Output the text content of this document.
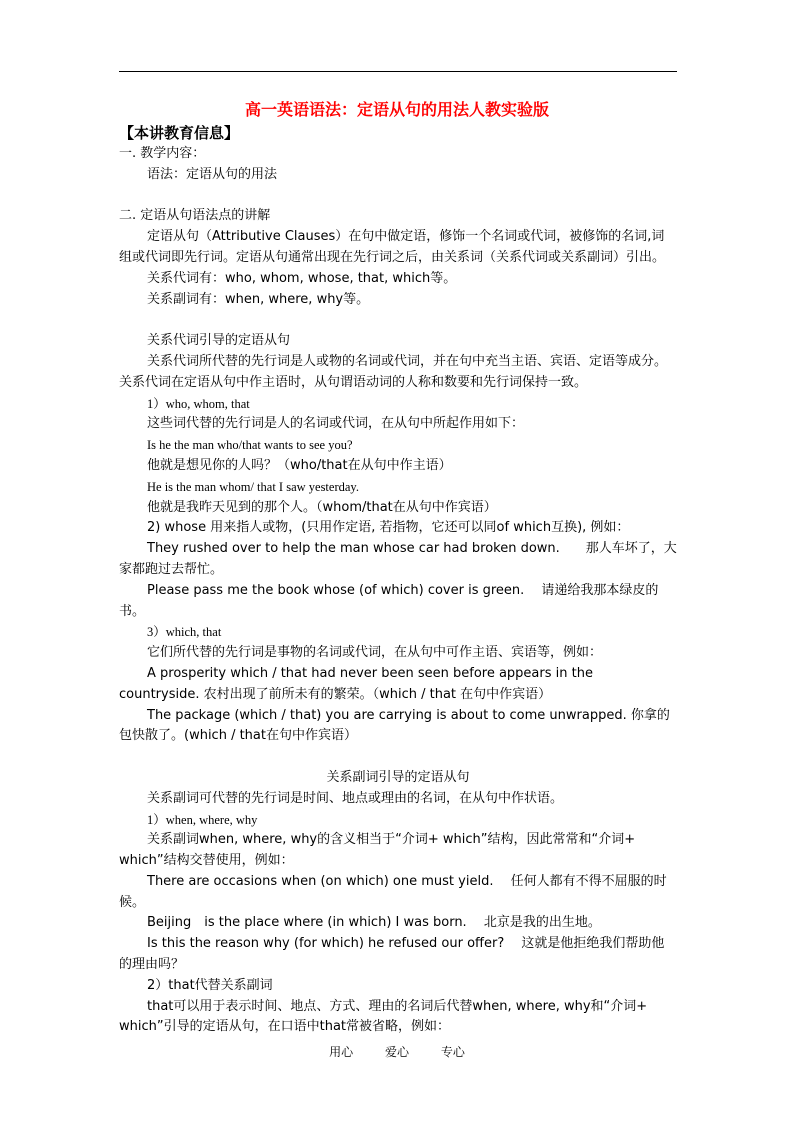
高一英语语法：定语从句的用法人教实验版
【本讲教育信息】

一. 教学内容：

语法：定语从句的用法

二. 定语从句语法点的讲解

定语从句（Attributive Clauses）在句中做定语，修饰一个名词或代词，被修饰的名词,词组或代词即先行词。定语从句通常出现在先行词之后，由关系词（关系代词或关系副词）引出。

关系代词有：who, whom, whose, that, which等。

关系副词有：when, where, why等。

关系代词引导的定语从句

关系代词所代替的先行词是人或物的名词或代词，并在句中充当主语、宾语、定语等成分。关系代词在定语从句中作主语时，从句谓语动词的人称和数要和先行词保持一致。

1）who, whom, that

这些词代替的先行词是人的名词或代词，在从句中所起作用如下：

Is he the man who/that wants to see you?

他就是想见你的人吗？（who/that在从句中作主语）

He is the man whom/ that I saw yesterday.

他就是我昨天见到的那个人。（whom/that在从句中作宾语）

2) whose 用来指人或物，(只用作定语, 若指物，它还可以同of which互换), 例如：

They rushed over to help the man whose car had broken down.　　那人车坏了，大家都跑过去帮忙。

Please pass me the book whose (of which) cover is green.　 请递给我那本绿皮的书。

3）which, that

它们所代替的先行词是事物的名词或代词，在从句中可作主语、宾语等，例如：

A prosperity which / that had never been seen before appears in the countryside. 农村出现了前所未有的繁荣。（which / that 在句中作宾语）

The package (which / that) you are carrying is about to come unwrapped. 你拿的包快散了。(which / that在句中作宾语）

关系副词引导的定语从句

关系副词可代替的先行词是时间、地点或理由的名词，在从句中作状语。

1）when, where, why

关系副词when, where, why的含义相当于“介词+ which”结构，因此常常和“介词+ which”结构交替使用，例如：

There are occasions when (on which) one must yield.　 任何人都有不得不屈服的时候。

Beijing　is the place where (in which) I was born.　 北京是我的出生地。

Is this the reason why (for which) he refused our offer?　 这就是他拒绝我们帮助他的理由吗？

2）that代替关系副词

that可以用于表示时间、地点、方式、理由的名词后代替when, where, why和“介词+ which”引导的定语从句，在口语中that常被省略，例如：

用心	爱心	专心
